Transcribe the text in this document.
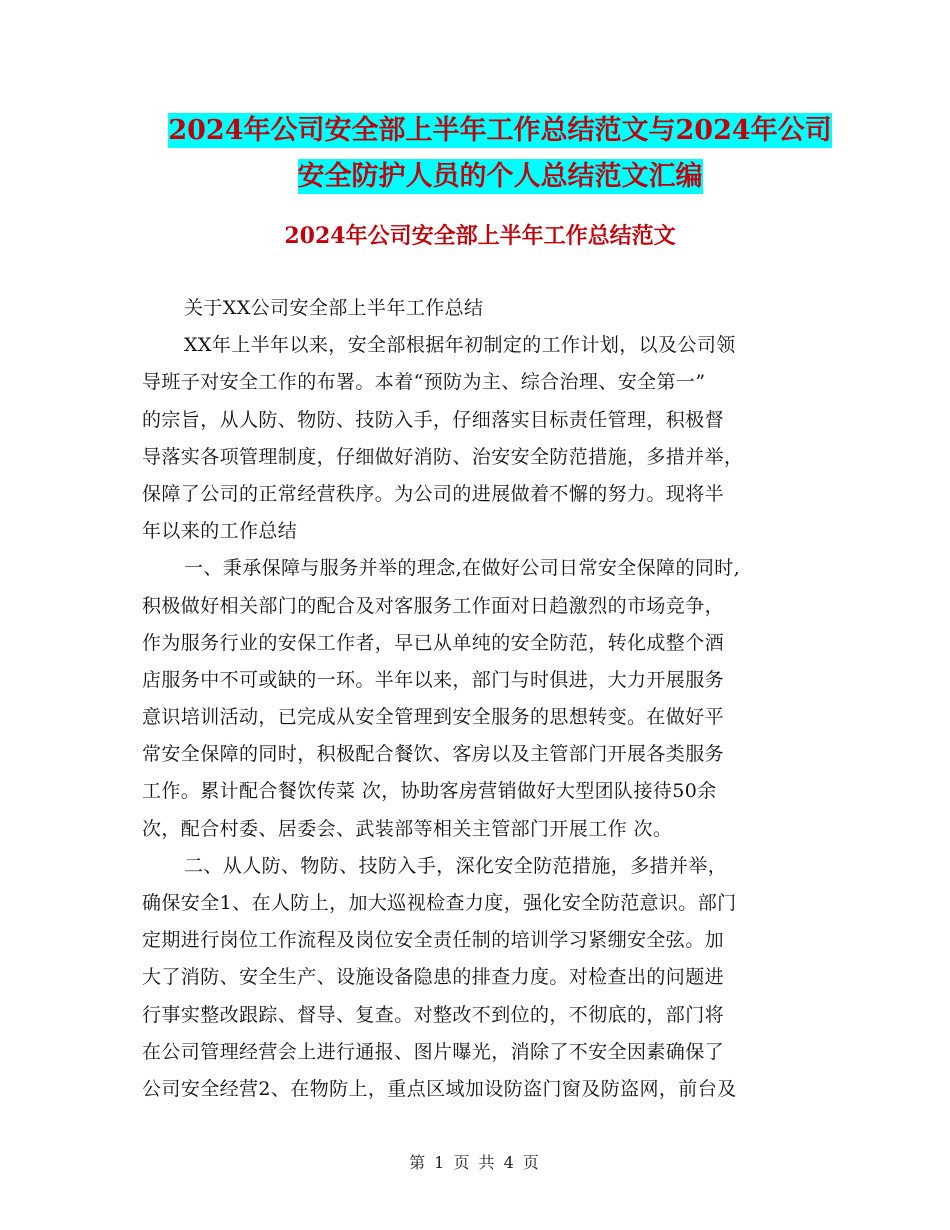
2024年公司安全部上半年工作总结范文与2024年公司
安全防护人员的个人总结范文汇编
2024年公司安全部上半年工作总结范文
关于XX公司安全部上半年工作总结
XX年上半年以来，安全部根据年初制定的工作计划，以及公司领
导班子对安全工作的布署。本着“预防为主、综合治理、安全第一”
的宗旨，从人防、物防、技防入手，仔细落实目标责任管理，积极督
导落实各项管理制度，仔细做好消防、治安安全防范措施，多措并举，
保障了公司的正常经营秩序。为公司的进展做着不懈的努力。现将半
年以来的工作总结
一、秉承保障与服务并举的理念,在做好公司日常安全保障的同时,
积极做好相关部门的配合及对客服务工作面对日趋激烈的市场竞争，
作为服务行业的安保工作者，早已从单纯的安全防范，转化成整个酒
店服务中不可或缺的一环。半年以来，部门与时俱进，大力开展服务
意识培训活动，已完成从安全管理到安全服务的思想转变。在做好平
常安全保障的同时，积极配合餐饮、客房以及主管部门开展各类服务
工作。累计配合餐饮传菜 次，协助客房营销做好大型团队接待50余
次，配合村委、居委会、武装部等相关主管部门开展工作 次。
二、从人防、物防、技防入手，深化安全防范措施，多措并举，
确保安全1、在人防上，加大巡视检查力度，强化安全防范意识。部门
定期进行岗位工作流程及岗位安全责任制的培训学习紧绷安全弦。加
大了消防、安全生产、设施设备隐患的排查力度。对检查出的问题进
行事实整改跟踪、督导、复查。对整改不到位的，不彻底的，部门将
在公司管理经营会上进行通报、图片曝光，消除了不安全因素确保了
公司安全经营2、在物防上，重点区域加设防盗门窗及防盗网，前台及
第 1 页 共 4 页
